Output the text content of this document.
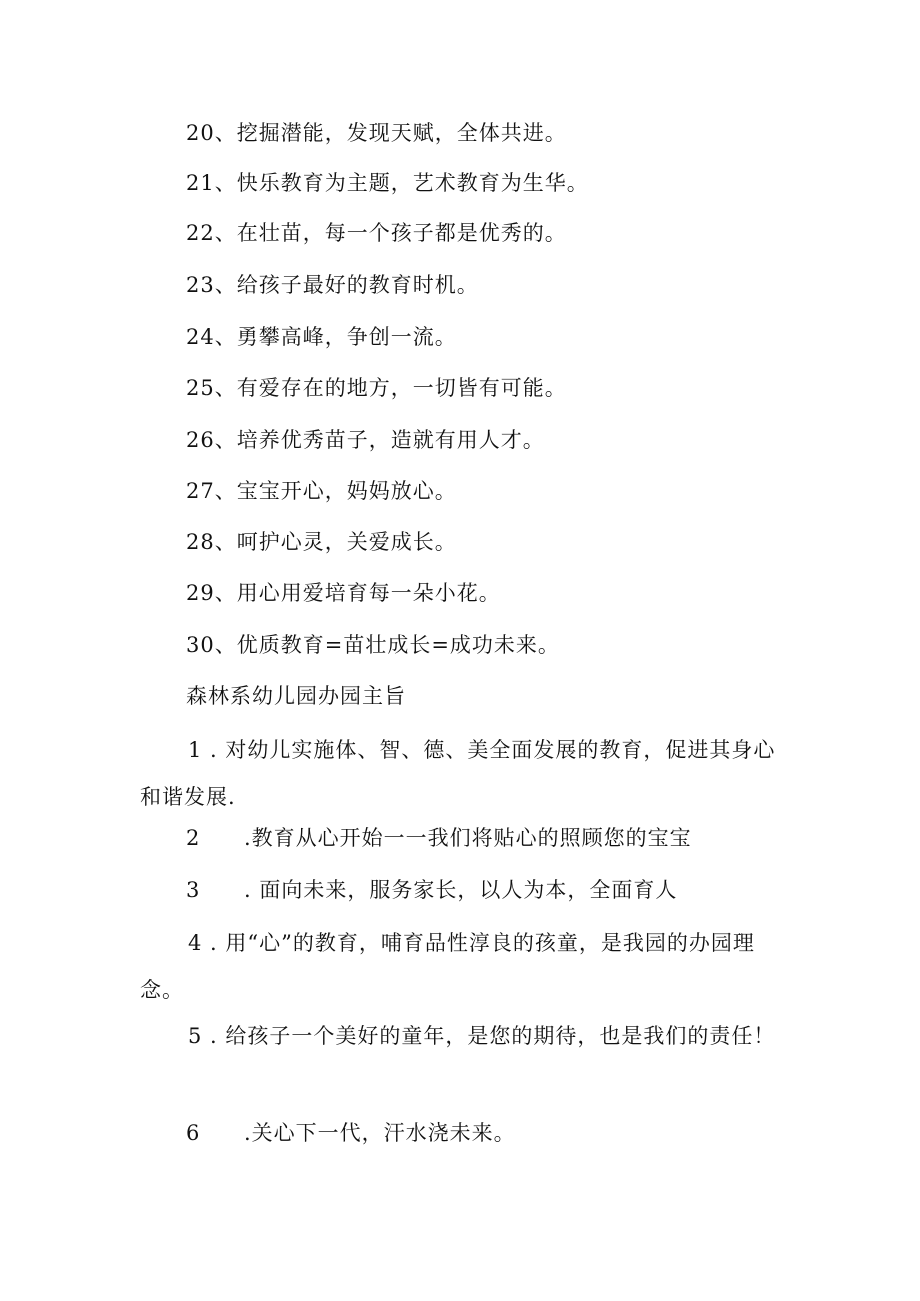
20、挖掘潜能，发现天赋，全体共进。
21、快乐教育为主题，艺术教育为生华。
22、在壮苗，每一个孩子都是优秀的。
23、给孩子最好的教育时机。
24、勇攀高峰，争创一流。
25、有爱存在的地方，一切皆有可能。
26、培养优秀苗子，造就有用人才。
27、宝宝开心，妈妈放心。
28、呵护心灵，关爱成长。
29、用心用爱培育每一朵小花。
30、优质教育=苗壮成长=成功未来。
森林系幼儿园办园主旨
1 . 对幼儿实施体、智、德、美全面发展的教育，促进其身心和谐发展.
2 .教育从心开始一一我们将贴心的照顾您的宝宝
3 . 面向未来，服务家长，以人为本，全面育人
4 . 用“心”的教育，哺育品性淳良的孩童，是我园的办园理念。
5 . 给孩子一个美好的童年，是您的期待，也是我们的责任！
6 .关心下一代，汗水浇未来。
